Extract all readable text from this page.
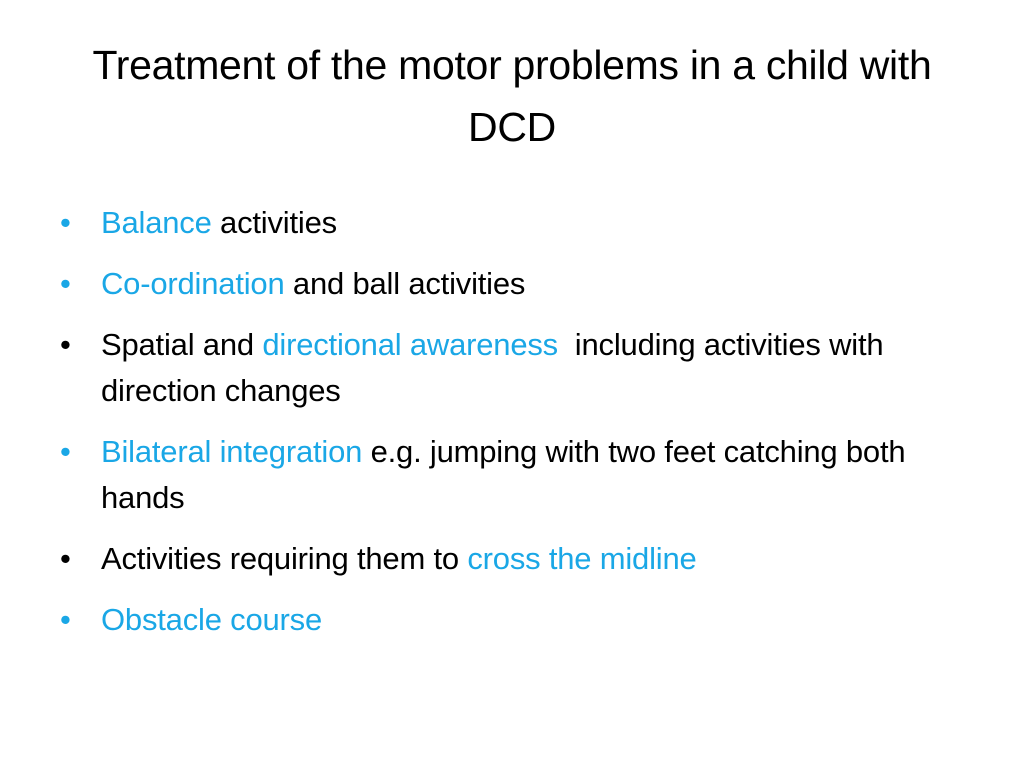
Treatment of the motor problems in a child with DCD
• Balance activities
• Co-ordination and ball activities
• Spatial and directional awareness  including activities with direction changes
• Bilateral integration e.g. jumping with two feet catching both hands
• Activities requiring them to cross the midline
• Obstacle course
